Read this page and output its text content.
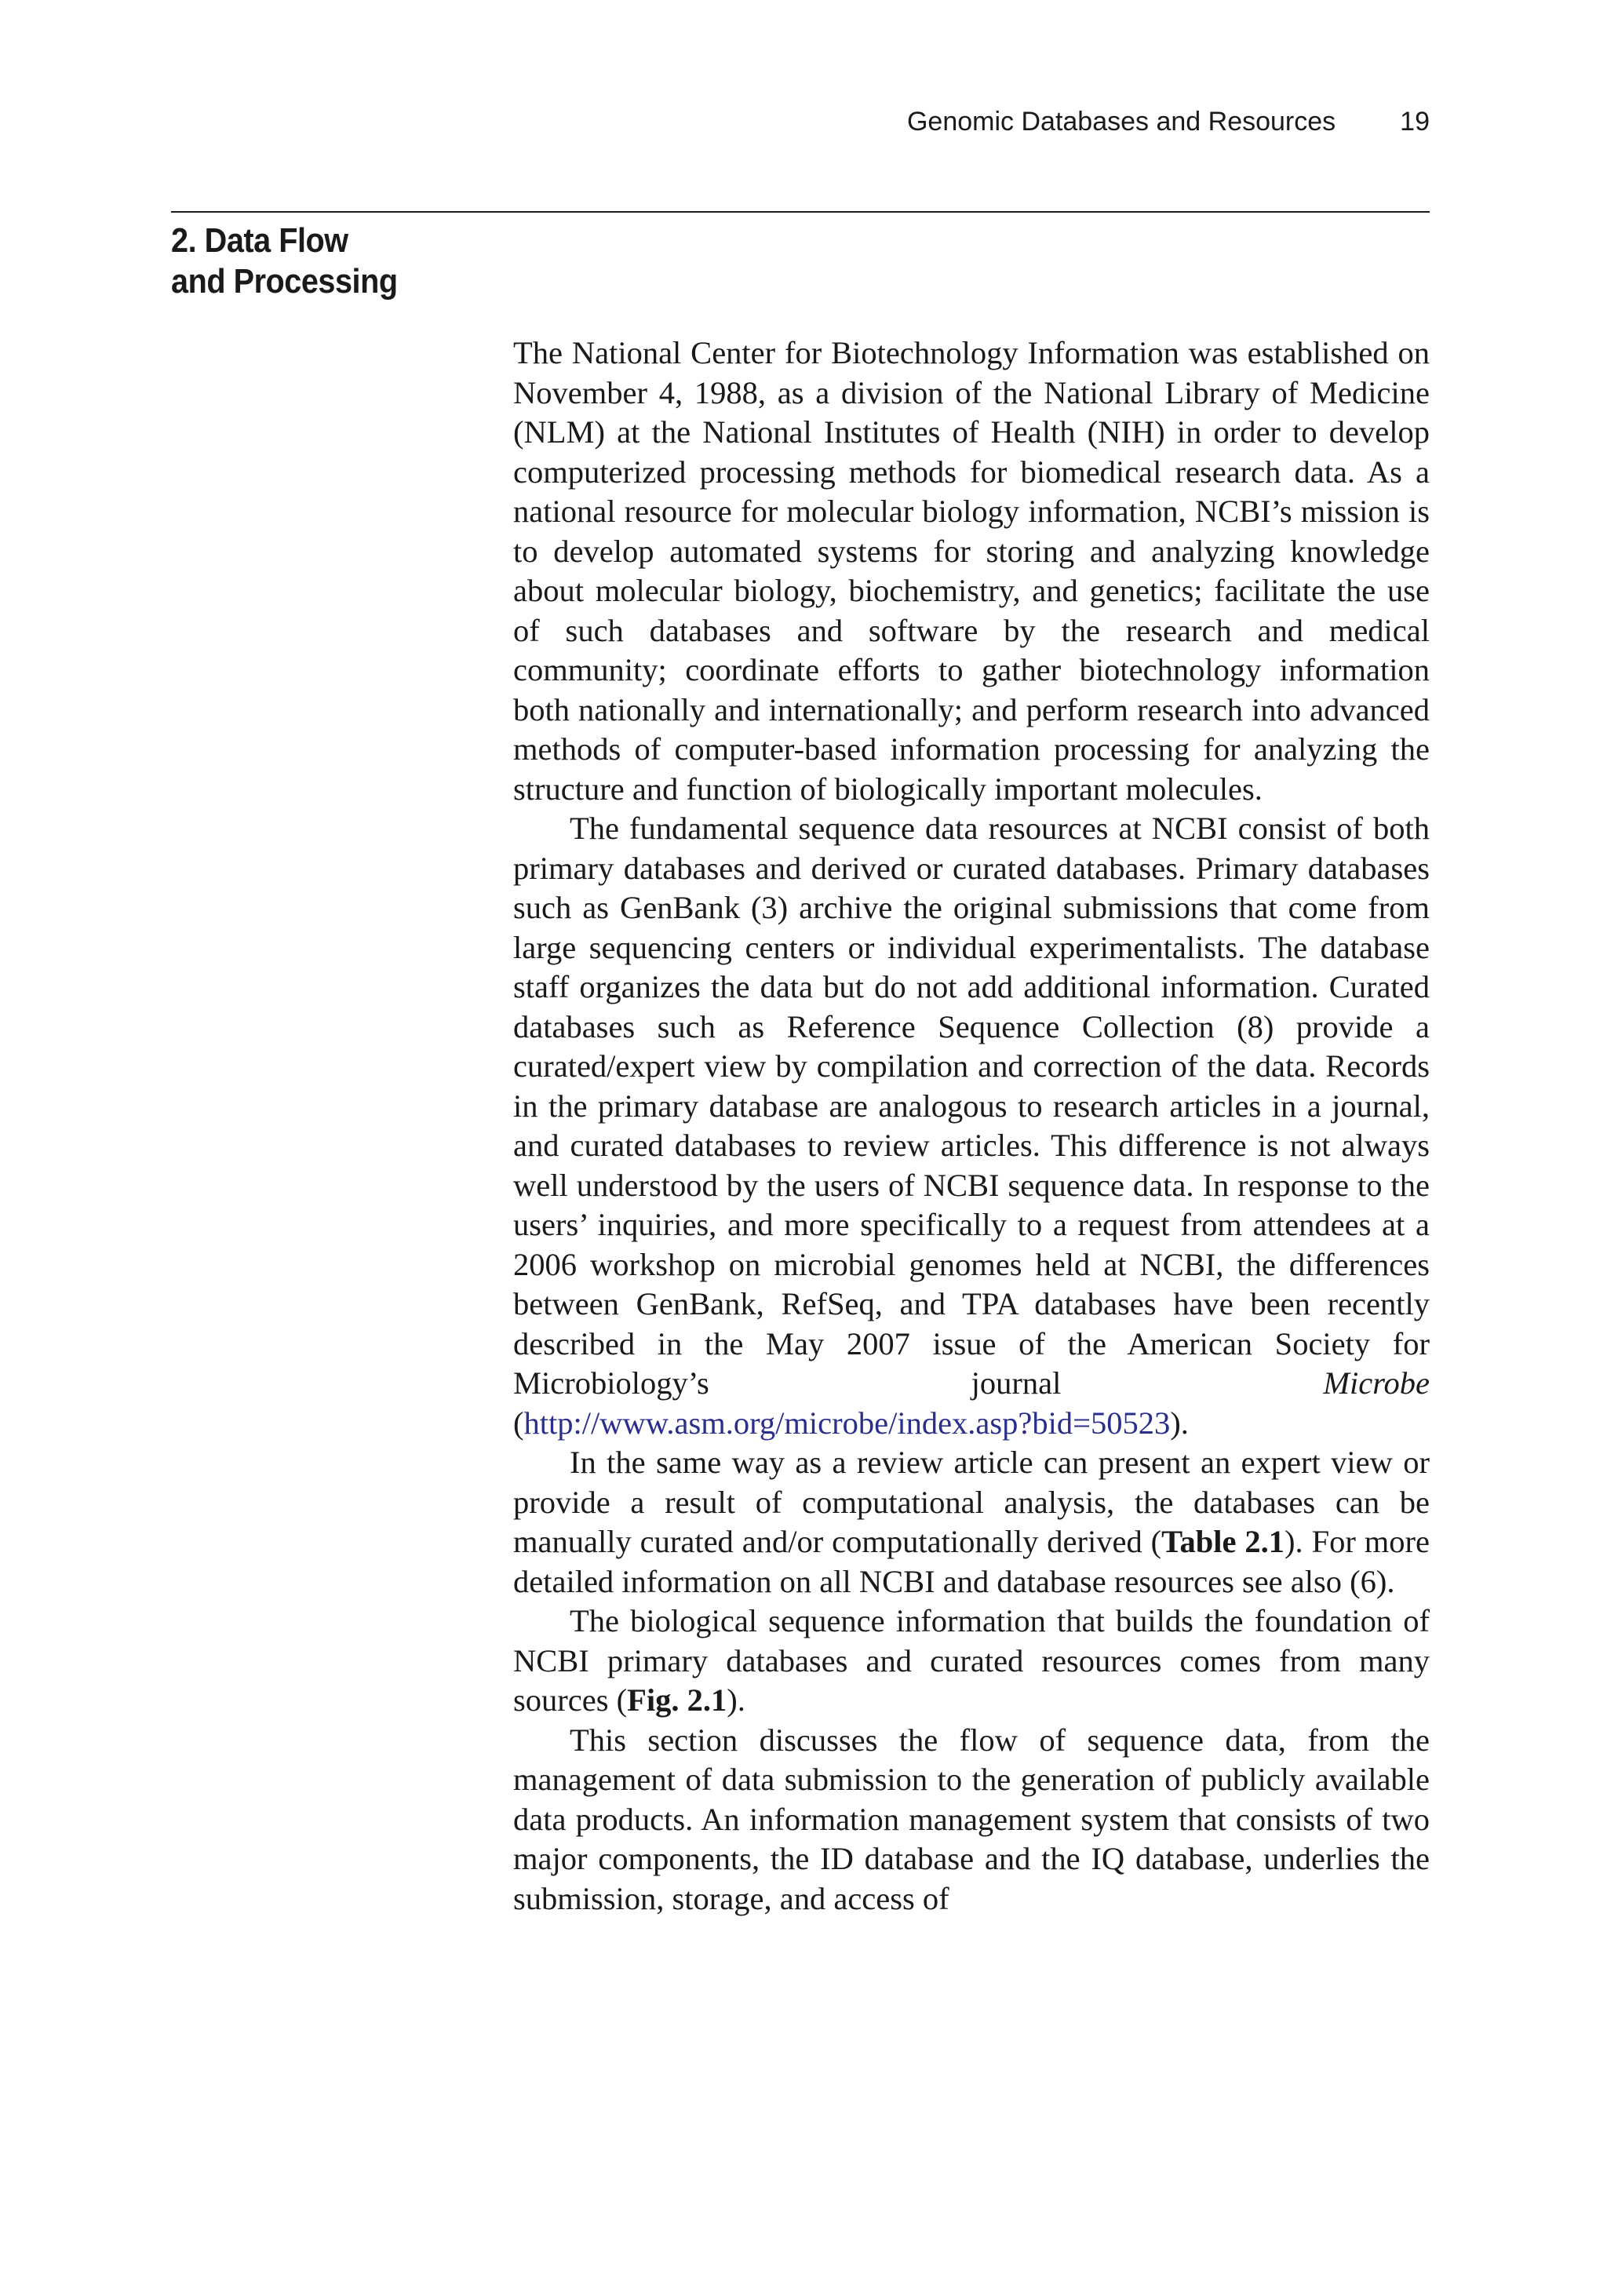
Genomic Databases and Resources 19
2. Data Flow
and Processing

The National Center for Biotechnology Information was established on November 4, 1988, as a division of the National Library of Medicine (NLM) at the National Institutes of Health (NIH) in order to develop computerized processing methods for biomedical research data. As a national resource for molecular biology information, NCBI’s mission is to develop automated systems for storing and analyzing knowledge about molecular biology, biochemistry, and genetics; facilitate the use of such databases and software by the research and medical community; coordinate efforts to gather biotechnology information both nationally and internationally; and perform research into advanced methods of computer-based information processing for analyzing the structure and function of biologically important molecules.

The fundamental sequence data resources at NCBI consist of both primary databases and derived or curated databases. Primary databases such as GenBank (3) archive the original submissions that come from large sequencing centers or individual experimentalists. The database staff organizes the data but do not add additional information. Curated databases such as Reference Sequence Collection (8) provide a curated/expert view by compilation and correction of the data. Records in the primary database are analogous to research articles in a journal, and curated databases to review articles. This difference is not always well understood by the users of NCBI sequence data. In response to the users’ inquiries, and more specifically to a request from attendees at a 2006 workshop on microbial genomes held at NCBI, the differences between GenBank, RefSeq, and TPA databases have been recently described in the May 2007 issue of the American Society for Microbiology’s journal Microbe (http://www.asm.org/microbe/index.asp?bid=50523).

In the same way as a review article can present an expert view or provide a result of computational analysis, the databases can be manually curated and/or computationally derived (Table 2.1). For more detailed information on all NCBI and database resources see also (6).

The biological sequence information that builds the foundation of NCBI primary databases and curated resources comes from many sources (Fig. 2.1).

This section discusses the flow of sequence data, from the management of data submission to the generation of publicly available data products. An information management system that consists of two major components, the ID database and the IQ database, underlies the submission, storage, and access of
